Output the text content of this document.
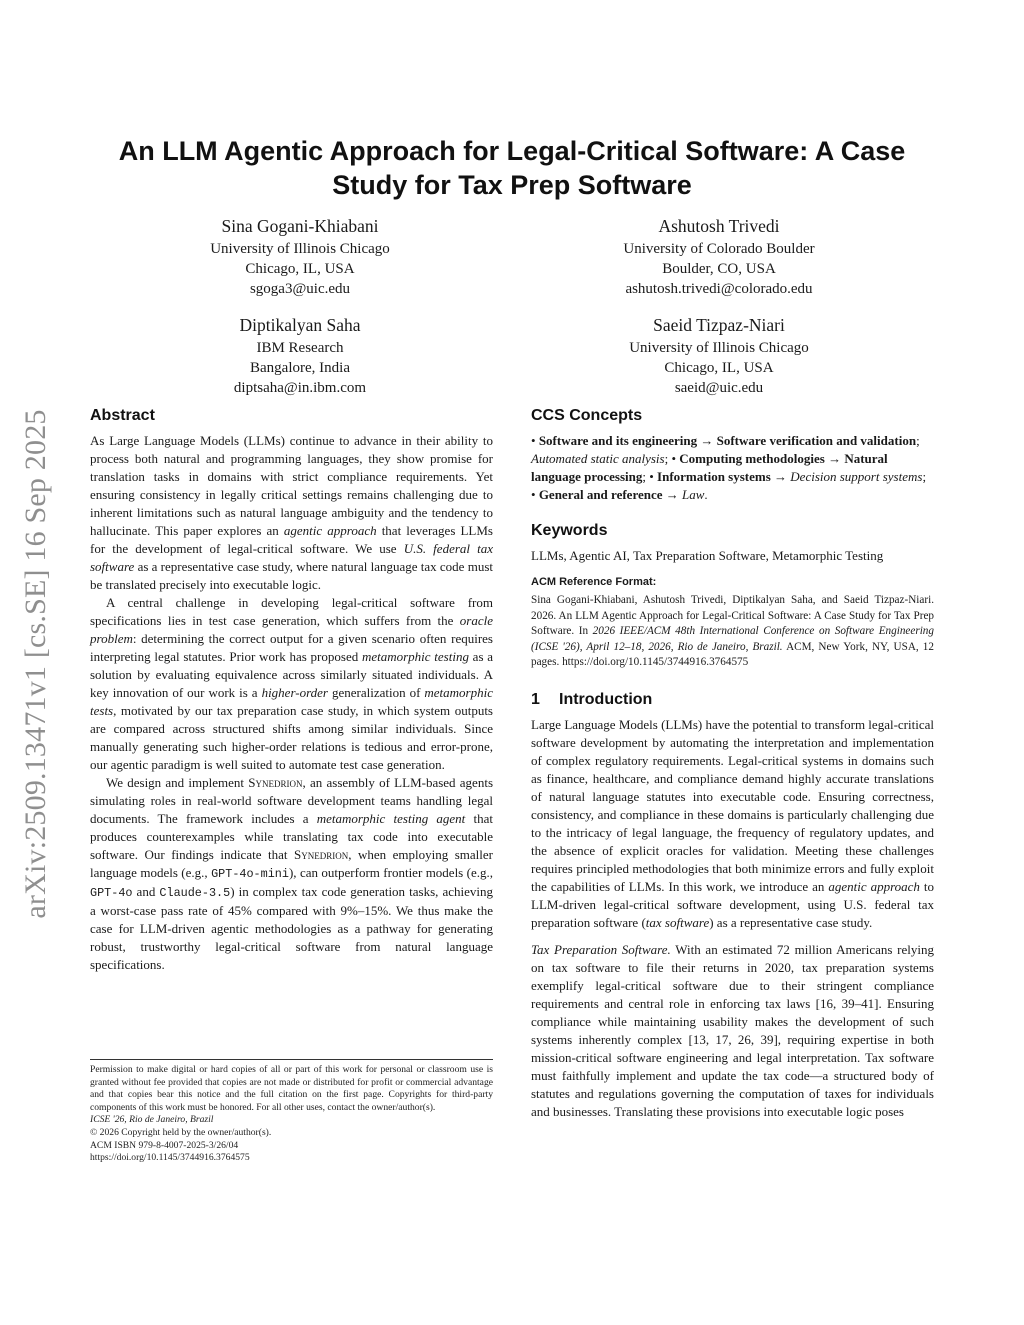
arXiv:2509.13471v1 [cs.SE] 16 Sep 2025
An LLM Agentic Approach for Legal-Critical Software: A Case Study for Tax Prep Software
Sina Gogani-Khiabani
University of Illinois Chicago
Chicago, IL, USA
sgoga3@uic.edu
Ashutosh Trivedi
University of Colorado Boulder
Boulder, CO, USA
ashutosh.trivedi@colorado.edu
Diptikalyan Saha
IBM Research
Bangalore, India
diptsaha@in.ibm.com
Saeid Tizpaz-Niari
University of Illinois Chicago
Chicago, IL, USA
saeid@uic.edu
Abstract

As Large Language Models (LLMs) continue to advance in their ability to process both natural and programming languages, they show promise for translation tasks in domains with strict compliance requirements. Yet ensuring consistency in legally critical settings remains challenging due to inherent limitations such as natural language ambiguity and the tendency to hallucinate. This paper explores an agentic approach that leverages LLMs for the development of legal-critical software. We use U.S. federal tax software as a representative case study, where natural language tax code must be translated precisely into executable logic.

A central challenge in developing legal-critical software from specifications lies in test case generation, which suffers from the oracle problem: determining the correct output for a given scenario often requires interpreting legal statutes. Prior work has proposed metamorphic testing as a solution by evaluating equivalence across similarly situated individuals. A key innovation of our work is a higher-order generalization of metamorphic tests, motivated by our tax preparation case study, in which system outputs are compared across structured shifts among similar individuals. Since manually generating such higher-order relations is tedious and error-prone, our agentic paradigm is well suited to automate test case generation.

We design and implement Synedrion, an assembly of LLM-based agents simulating roles in real-world software development teams handling legal documents. The framework includes a metamorphic testing agent that produces counterexamples while translating tax code into executable software. Our findings indicate that Synedrion, when employing smaller language models (e.g., GPT-4o-mini), can outperform frontier models (e.g., GPT-4o and Claude-3.5) in complex tax code generation tasks, achieving a worst-case pass rate of 45% compared with 9%–15%. We thus make the case for LLM-driven agentic methodologies as a pathway for generating robust, trustworthy legal-critical software from natural language specifications.

Permission to make digital or hard copies of all or part of this work for personal or classroom use is granted without fee provided that copies are not made or distributed for profit or commercial advantage and that copies bear this notice and the full citation on the first page. Copyrights for third-party components of this work must be honored. For all other uses, contact the owner/author(s).

ICSE '26, Rio de Janeiro, Brazil

© 2026 Copyright held by the owner/author(s).

ACM ISBN 979-8-4007-2025-3/26/04

https://doi.org/10.1145/3744916.3764575

CCS Concepts

• Software and its engineering → Software verification and validation; Automated static analysis; • Computing methodologies → Natural language processing; • Information systems → Decision support systems; • General and reference → Law.

Keywords

LLMs, Agentic AI, Tax Preparation Software, Metamorphic Testing

ACM Reference Format:

Sina Gogani-Khiabani, Ashutosh Trivedi, Diptikalyan Saha, and Saeid Tizpaz-Niari. 2026. An LLM Agentic Approach for Legal-Critical Software: A Case Study for Tax Prep Software. In 2026 IEEE/ACM 48th International Conference on Software Engineering (ICSE '26), April 12–18, 2026, Rio de Janeiro, Brazil. ACM, New York, NY, USA, 12 pages. https://doi.org/10.1145/3744916.3764575

1 Introduction

Large Language Models (LLMs) have the potential to transform legal-critical software development by automating the interpretation and implementation of complex regulatory requirements. Legal-critical systems in domains such as finance, healthcare, and compliance demand highly accurate translations of natural language statutes into executable code. Ensuring correctness, consistency, and compliance in these domains is particularly challenging due to the intricacy of legal language, the frequency of regulatory updates, and the absence of explicit oracles for validation. Meeting these challenges requires principled methodologies that both minimize errors and fully exploit the capabilities of LLMs. In this work, we introduce an agentic approach to LLM-driven legal-critical software development, using U.S. federal tax preparation software (tax software) as a representative case study.

Tax Preparation Software. With an estimated 72 million Americans relying on tax software to file their returns in 2020, tax preparation systems exemplify legal-critical software due to their stringent compliance requirements and central role in enforcing tax laws [16, 39–41]. Ensuring compliance while maintaining usability makes the development of such systems inherently complex [13, 17, 26, 39], requiring expertise in both mission-critical software engineering and legal interpretation. Tax software must faithfully implement and update the tax code—a structured body of statutes and regulations governing the computation of taxes for individuals and businesses. Translating these provisions into executable logic poses
